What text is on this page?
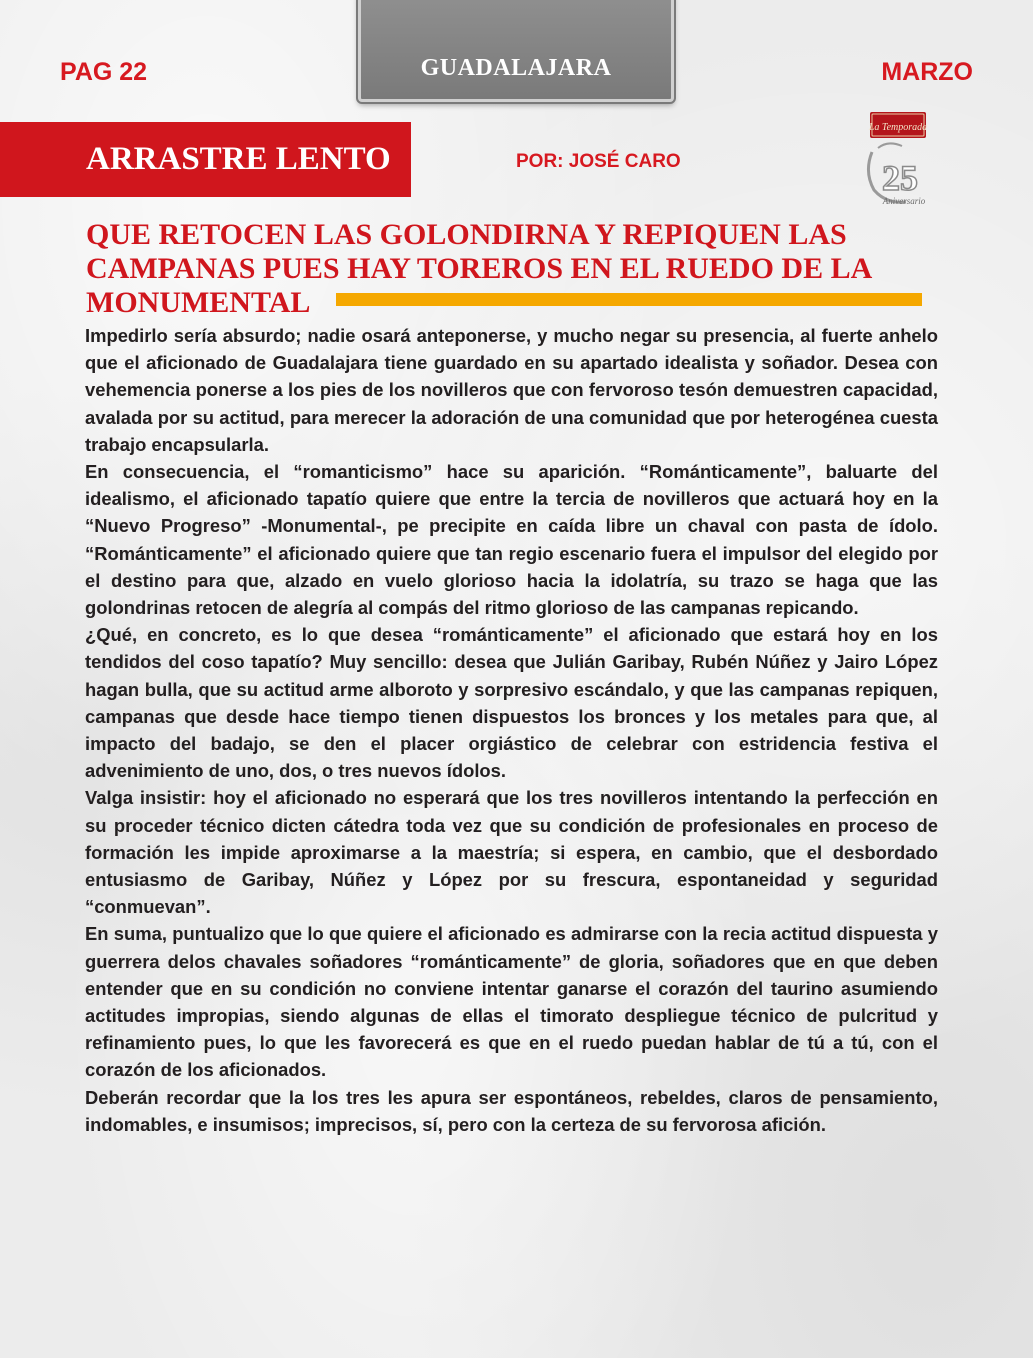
PAG 22	GUADALAJARA	MARZO
ARRASTRE LENTO	POR: JOSÉ CARO
La Temporada
25
Aniversario
QUE RETOCEN LAS GOLONDIRNA Y REPIQUEN LAS CAMPANAS PUES HAY TOREROS EN EL RUEDO DE LA MONUMENTAL

Impedirlo sería absurdo; nadie osará anteponerse, y mucho negar su presencia, al fuerte anhelo que el aficionado de Guadalajara tiene guardado en su apartado idealista y soñador. Desea con vehemencia ponerse a los pies de los novilleros que con fervoroso tesón demuestren capacidad, avalada por su actitud, para merecer la adoración de una comunidad que por heterogénea cuesta trabajo encapsularla.

En consecuencia, el “romanticismo” hace su aparición. “Románticamente”, baluarte del idealismo, el aficionado tapatío quiere que entre la tercia de novilleros que actuará hoy en la “Nuevo Progreso” -Monumental-, pe precipite en caída libre un chaval con pasta de ídolo. “Románticamente” el aficionado quiere que tan regio escenario fuera el impulsor del elegido por el destino para que, alzado en vuelo glorioso hacia la idolatría, su trazo se haga que las golondrinas retocen de alegría al compás del ritmo glorioso de las campanas repicando.

¿Qué, en concreto, es lo que desea “románticamente” el aficionado que estará hoy en los tendidos del coso tapatío? Muy sencillo: desea que Julián Garibay, Rubén Núñez y Jairo López hagan bulla, que su actitud arme alboroto y sorpresivo escándalo, y que las campanas repiquen, campanas que desde hace tiempo tienen dispuestos los bronces y los metales para que, al impacto del badajo, se den el placer orgiástico de celebrar con estridencia festiva el advenimiento de uno, dos, o tres nuevos ídolos.

Valga insistir: hoy el aficionado no esperará que los tres novilleros intentando la perfección en su proceder técnico dicten cátedra toda vez que su condición de profesionales en proceso de formación les impide aproximarse a la maestría; si espera, en cambio, que el desbordado entusiasmo de Garibay, Núñez y López por su frescura, espontaneidad y seguridad “conmuevan”.

En suma, puntualizo que lo que quiere el aficionado es admirarse con la recia actitud dispuesta y guerrera delos chavales soñadores “románticamente” de gloria, soñadores que en que deben entender que en su condición no conviene intentar ganarse el corazón del taurino asumiendo actitudes impropias, siendo algunas de ellas el timorato despliegue técnico de pulcritud y refinamiento pues, lo que les favorecerá es que en el ruedo puedan hablar de tú a tú, con el corazón de los aficionados.

Deberán recordar que la los tres les apura ser espontáneos, rebeldes, claros de pensamiento, indomables, e insumisos; imprecisos, sí, pero con la certeza de su fervorosa afición.
